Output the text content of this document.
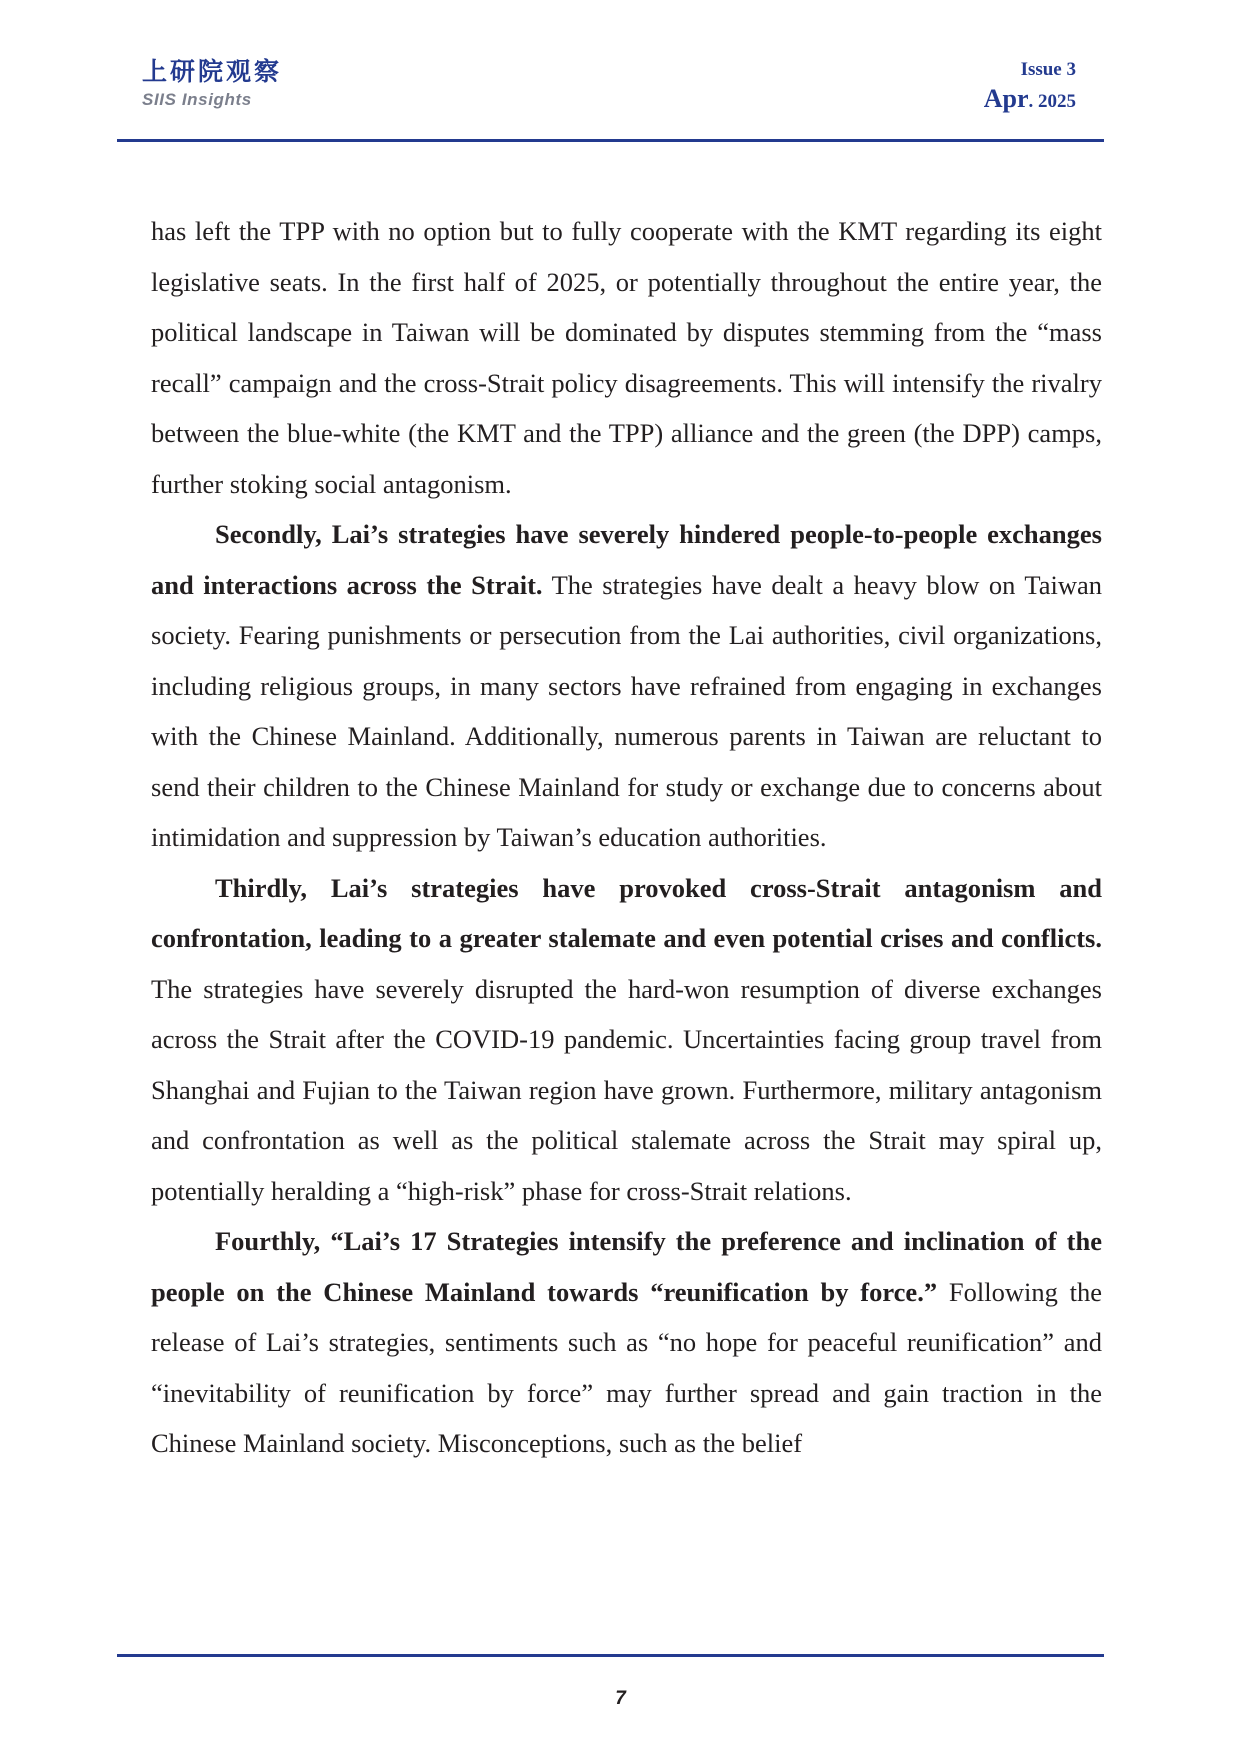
上研院观察
SIIS Insights
Issue 3
Apr. 2025

has left the TPP with no option but to fully cooperate with the KMT regarding its eight legislative seats. In the first half of 2025, or potentially throughout the entire year, the political landscape in Taiwan will be dominated by disputes stemming from the “mass recall” campaign and the cross-Strait policy disagreements. This will intensify the rivalry between the blue-white (the KMT and the TPP) alliance and the green (the DPP) camps, further stoking social antagonism.

Secondly, Lai’s strategies have severely hindered people-to-people exchanges and interactions across the Strait. The strategies have dealt a heavy blow on Taiwan society. Fearing punishments or persecution from the Lai authorities, civil organizations, including religious groups, in many sectors have refrained from engaging in exchanges with the Chinese Mainland. Additionally, numerous parents in Taiwan are reluctant to send their children to the Chinese Mainland for study or exchange due to concerns about intimidation and suppression by Taiwan’s education authorities.

Thirdly, Lai’s strategies have provoked cross-Strait antagonism and confrontation, leading to a greater stalemate and even potential crises and conflicts. The strategies have severely disrupted the hard-won resumption of diverse exchanges across the Strait after the COVID-19 pandemic. Uncertainties facing group travel from Shanghai and Fujian to the Taiwan region have grown. Furthermore, military antagonism and confrontation as well as the political stalemate across the Strait may spiral up, potentially heralding a “high-risk” phase for cross-Strait relations.

Fourthly, “Lai’s 17 Strategies intensify the preference and inclination of the people on the Chinese Mainland towards “reunification by force.” Following the release of Lai’s strategies, sentiments such as “no hope for peaceful reunification” and “inevitability of reunification by force” may further spread and gain traction in the Chinese Mainland society. Misconceptions, such as the belief

7
